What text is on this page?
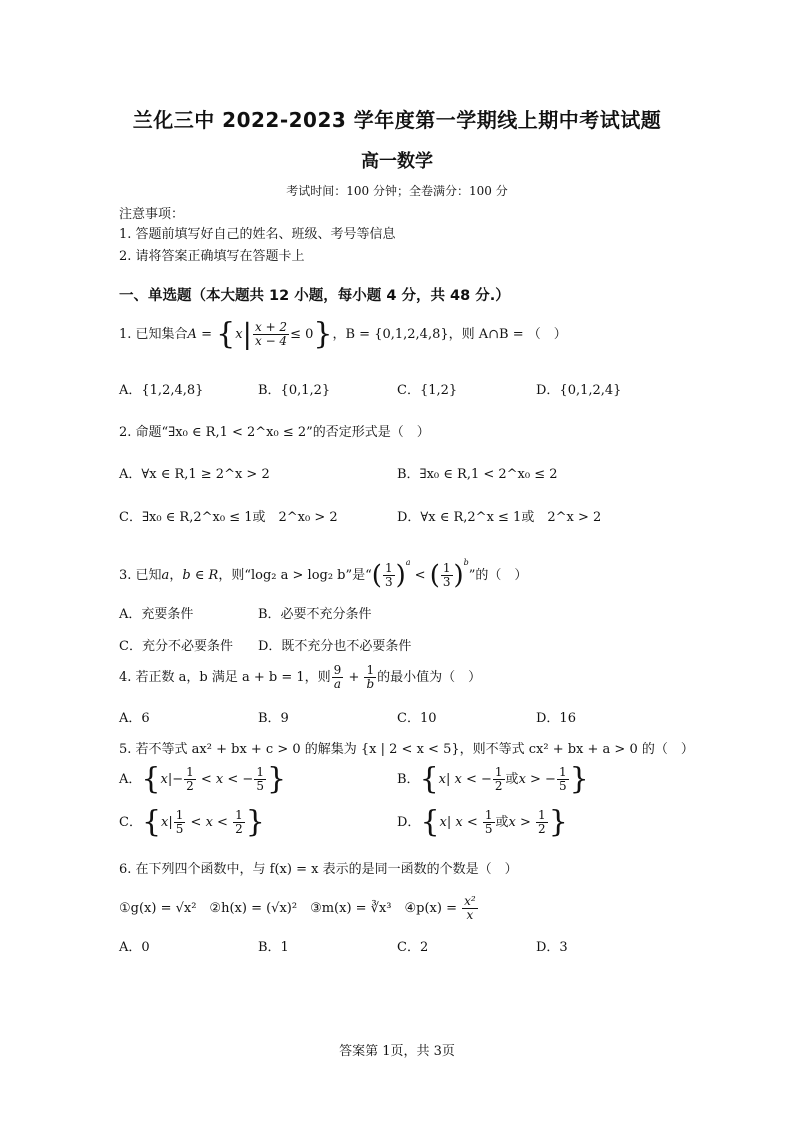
兰化三中 2022-2023 学年度第一学期线上期中考试试题
高一数学
考试时间：100 分钟；全卷满分：100 分
注意事项：
1. 答题前填写好自己的姓名、班级、考号等信息
2. 请将答案正确填写在答题卡上
一、单选题（本大题共 12 小题，每小题 4 分，共 48 分.）
1. 已知集合$A = \{x| \frac{x + 2}{x - 4} \le 0\}$，B = {0,1,2,4,8}，则 A∩B = （　）
A．{1,2,4,8}	B．{0,1,2}	C．{1,2}	D．{0,1,2,4}
2. 命题“∃x₀ ∈ R,1 < 2^x₀ ≤ 2”的否定形式是（　）
A．∀x ∈ R,1 ≥ 2^x > 2	B．∃x₀ ∈ R,1 < 2^x₀ ≤ 2
C．∃x₀ ∈ R,2^x₀ ≤ 1或　2^x₀ > 2	D．∀x ∈ R,2^x ≤ 1或　2^x > 2
3. 已知a，b ∈ R，则“log₂ a > log₂ b”是“( $\frac{1}{3} )^a$ < ( $\frac{1}{3} )^b$”的（　）
A．充要条件	B．必要不充分条件
C．充分不必要条件 D．既不充分也不必要条件
4. 若正数 a，b 满足 a + b = 1，则 $\frac{9}{a} + \frac{1}{b}$ 的最小值为（　）
A．6	B．9	C．10	D．16
5. 若不等式 ax² + bx + c > 0 的解集为 {x | 2 < x < 5}，则不等式 cx² + bx + a > 0 的（　）
A．{$x|- \frac{1}{2} < x$ < − $\frac{1}{5}$ }	B．{x| x < − $\frac{1}{2}$ 或x > − $\frac{1}{5}$ }
C．{$x| \frac{1}{5} < x < \frac{1}{2}$ }	D．{x| $x < \frac{1}{5}$ 或$x > \frac{1}{2}$ }
6. 在下列四个函数中，与 f(x) = x 表示的是同一函数的个数是（　）
①g(x) = √x²　②h(x) = (√x)²　③m(x) = ∛x³　④p(x) = $\frac{\text{x²}}{x}$
A．0	B．1	C．2	D．3
答案第 1页，共 3页
